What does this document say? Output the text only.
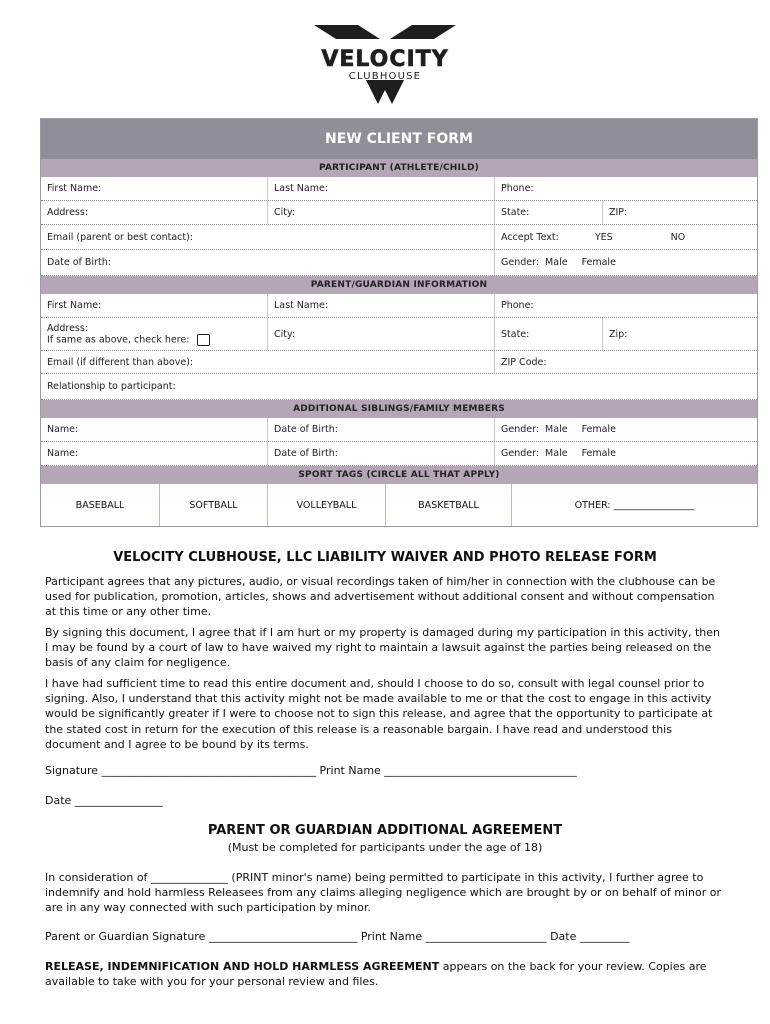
VELOCITY
CLUBHOUSE
NEW CLIENT FORM
PARTICIPANT (ATHLETE/CHILD)
First Name:	Last Name:	Phone:
Address:	City:	State:	ZIP:
Email (parent or best contact):	Accept Text:	YES	NO
Date of Birth:	Gender: Male Female
PARENT/GUARDIAN INFORMATION
First Name:	Last Name:	Phone:
Address:
If same as above, check here:	City:	State:	Zip:
Email (if different than above):	ZIP Code:
Relationship to participant:
ADDITIONAL SIBLINGS/FAMILY MEMBERS
Name:	Date of Birth:	Gender: Male Female
Name:	Date of Birth:	Gender: Male Female
SPORT TAGS (CIRCLE ALL THAT APPLY)
BASEBALL	SOFTBALL	VOLLEYBALL	BASKETBALL	OTHER: _________________
VELOCITY CLUBHOUSE, LLC LIABILITY WAIVER AND PHOTO RELEASE FORM
Participant agrees that any pictures, audio, or visual recordings taken of him/her in connection with the clubhouse can be used for publication, promotion, articles, shows and advertisement without additional consent and without compensation at this time or any other time.
By signing this document, I agree that if I am hurt or my property is damaged during my participation in this activity, then I may be found by a court of law to have waived my right to maintain a lawsuit against the parties being released on the basis of any claim for negligence.
I have had sufficient time to read this entire document and, should I choose to do so, consult with legal counsel prior to signing. Also, I understand that this activity might not be made available to me or that the cost to engage in this activity would be significantly greater if I were to choose not to sign this release, and agree that the opportunity to participate at the stated cost in return for the execution of this release is a reasonable bargain. I have read and understood this document and I agree to be bound by its terms.
Signature _______________________________________ Print Name ___________________________________
Date ________________
PARENT OR GUARDIAN ADDITIONAL AGREEMENT
(Must be completed for participants under the age of 18)
In consideration of ______________ (PRINT minor's name) being permitted to participate in this activity, I further agree to indemnify and hold harmless Releasees from any claims alleging negligence which are brought by or on behalf of minor or are in any way connected with such participation by minor.
Parent or Guardian Signature ___________________________ Print Name ______________________ Date _________
RELEASE, INDEMNIFICATION AND HOLD HARMLESS AGREEMENT appears on the back for your review. Copies are available to take with you for your personal review and files.
